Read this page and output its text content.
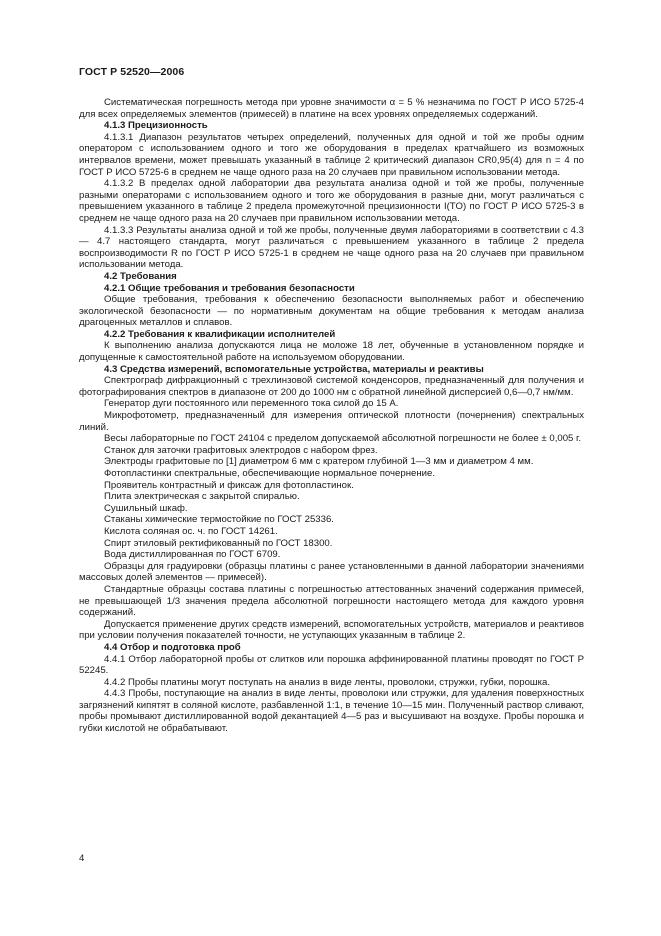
ГОСТ Р 52520—2006

Систематическая погрешность метода при уровне значимости α = 5 % незначима по ГОСТ Р ИСО 5725-4 для всех определяемых элементов (примесей) в платине на всех уровнях определяемых содержаний.

4.1.3 Прецизионность

4.1.3.1 Диапазон результатов четырех определений, полученных для одной и той же пробы одним оператором с использованием одного и того же оборудования в пределах кратчайшего из возможных интервалов времени, может превышать указанный в таблице 2 критический диапазон CR0,95(4) для n = 4 по ГОСТ Р ИСО 5725-6 в среднем не чаще одного раза на 20 случаев при правильном использовании метода.

4.1.3.2 В пределах одной лаборатории два результата анализа одной и той же пробы, полученные разными операторами с использованием одного и того же оборудования в разные дни, могут различаться с превышением указанного в таблице 2 предела промежуточной прецизионности I(TO) по ГОСТ Р ИСО 5725-3 в среднем не чаще одного раза на 20 случаев при правильном использовании метода.

4.1.3.3 Результаты анализа одной и той же пробы, полученные двумя лабораториями в соответствии с 4.3 — 4.7 настоящего стандарта, могут различаться с превышением указанного в таблице 2 предела воспроизводимости R по ГОСТ Р ИСО 5725-1 в среднем не чаще одного раза на 20 случаев при правильном использовании метода.

4.2 Требования

4.2.1 Общие требования и требования безопасности

Общие требования, требования к обеспечению безопасности выполняемых работ и обеспечению экологической безопасности — по нормативным документам на общие требования к методам анализа драгоценных металлов и сплавов.

4.2.2 Требования к квалификации исполнителей

К выполнению анализа допускаются лица не моложе 18 лет, обученные в установленном порядке и допущенные к самостоятельной работе на используемом оборудовании.

4.3 Средства измерений, вспомогательные устройства, материалы и реактивы

Спектрограф дифракционный с трехлинзовой системой конденсоров, предназначенный для получения и фотографирования спектров в диапазоне от 200 до 1000 нм с обратной линейной дисперсией 0,6—0,7 нм/мм.

Генератор дуги постоянного или переменного тока силой до 15 А.

Микрофотометр, предназначенный для измерения оптической плотности (почернения) спектральных линий.

Весы лабораторные по ГОСТ 24104 с пределом допускаемой абсолютной погрешности не более ± 0,005 г.

Станок для заточки графитовых электродов с набором фрез.

Электроды графитовые по [1] диаметром 6 мм с кратером глубиной 1—3 мм и диаметром 4 мм.

Фотопластинки спектральные, обеспечивающие нормальное почернение.

Проявитель контрастный и фиксаж для фотопластинок.

Плита электрическая с закрытой спиралью.

Сушильный шкаф.

Стаканы химические термостойкие по ГОСТ 25336.

Кислота соляная ос. ч. по ГОСТ 14261.

Спирт этиловый ректификованный по ГОСТ 18300.

Вода дистиллированная по ГОСТ 6709.

Образцы для градуировки (образцы платины с ранее установленными в данной лаборатории значениями массовых долей элементов — примесей).

Стандартные образцы состава платины с погрешностью аттестованных значений содержания примесей, не превышающей 1/3 значения предела абсолютной погрешности настоящего метода для каждого уровня содержаний.

Допускается применение других средств измерений, вспомогательных устройств, материалов и реактивов при условии получения показателей точности, не уступающих указанным в таблице 2.

4.4 Отбор и подготовка проб

4.4.1 Отбор лабораторной пробы от слитков или порошка аффинированной платины проводят по ГОСТ Р 52245.

4.4.2 Пробы платины могут поступать на анализ в виде ленты, проволоки, стружки, губки, порошка.

4.4.3 Пробы, поступающие на анализ в виде ленты, проволоки или стружки, для удаления поверхностных загрязнений кипятят в соляной кислоте, разбавленной 1:1, в течение 10—15 мин. Полученный раствор сливают, пробы промывают дистиллированной водой декантацией 4—5 раз и высушивают на воздухе. Пробы порошка и губки кислотой не обрабатывают.

4
